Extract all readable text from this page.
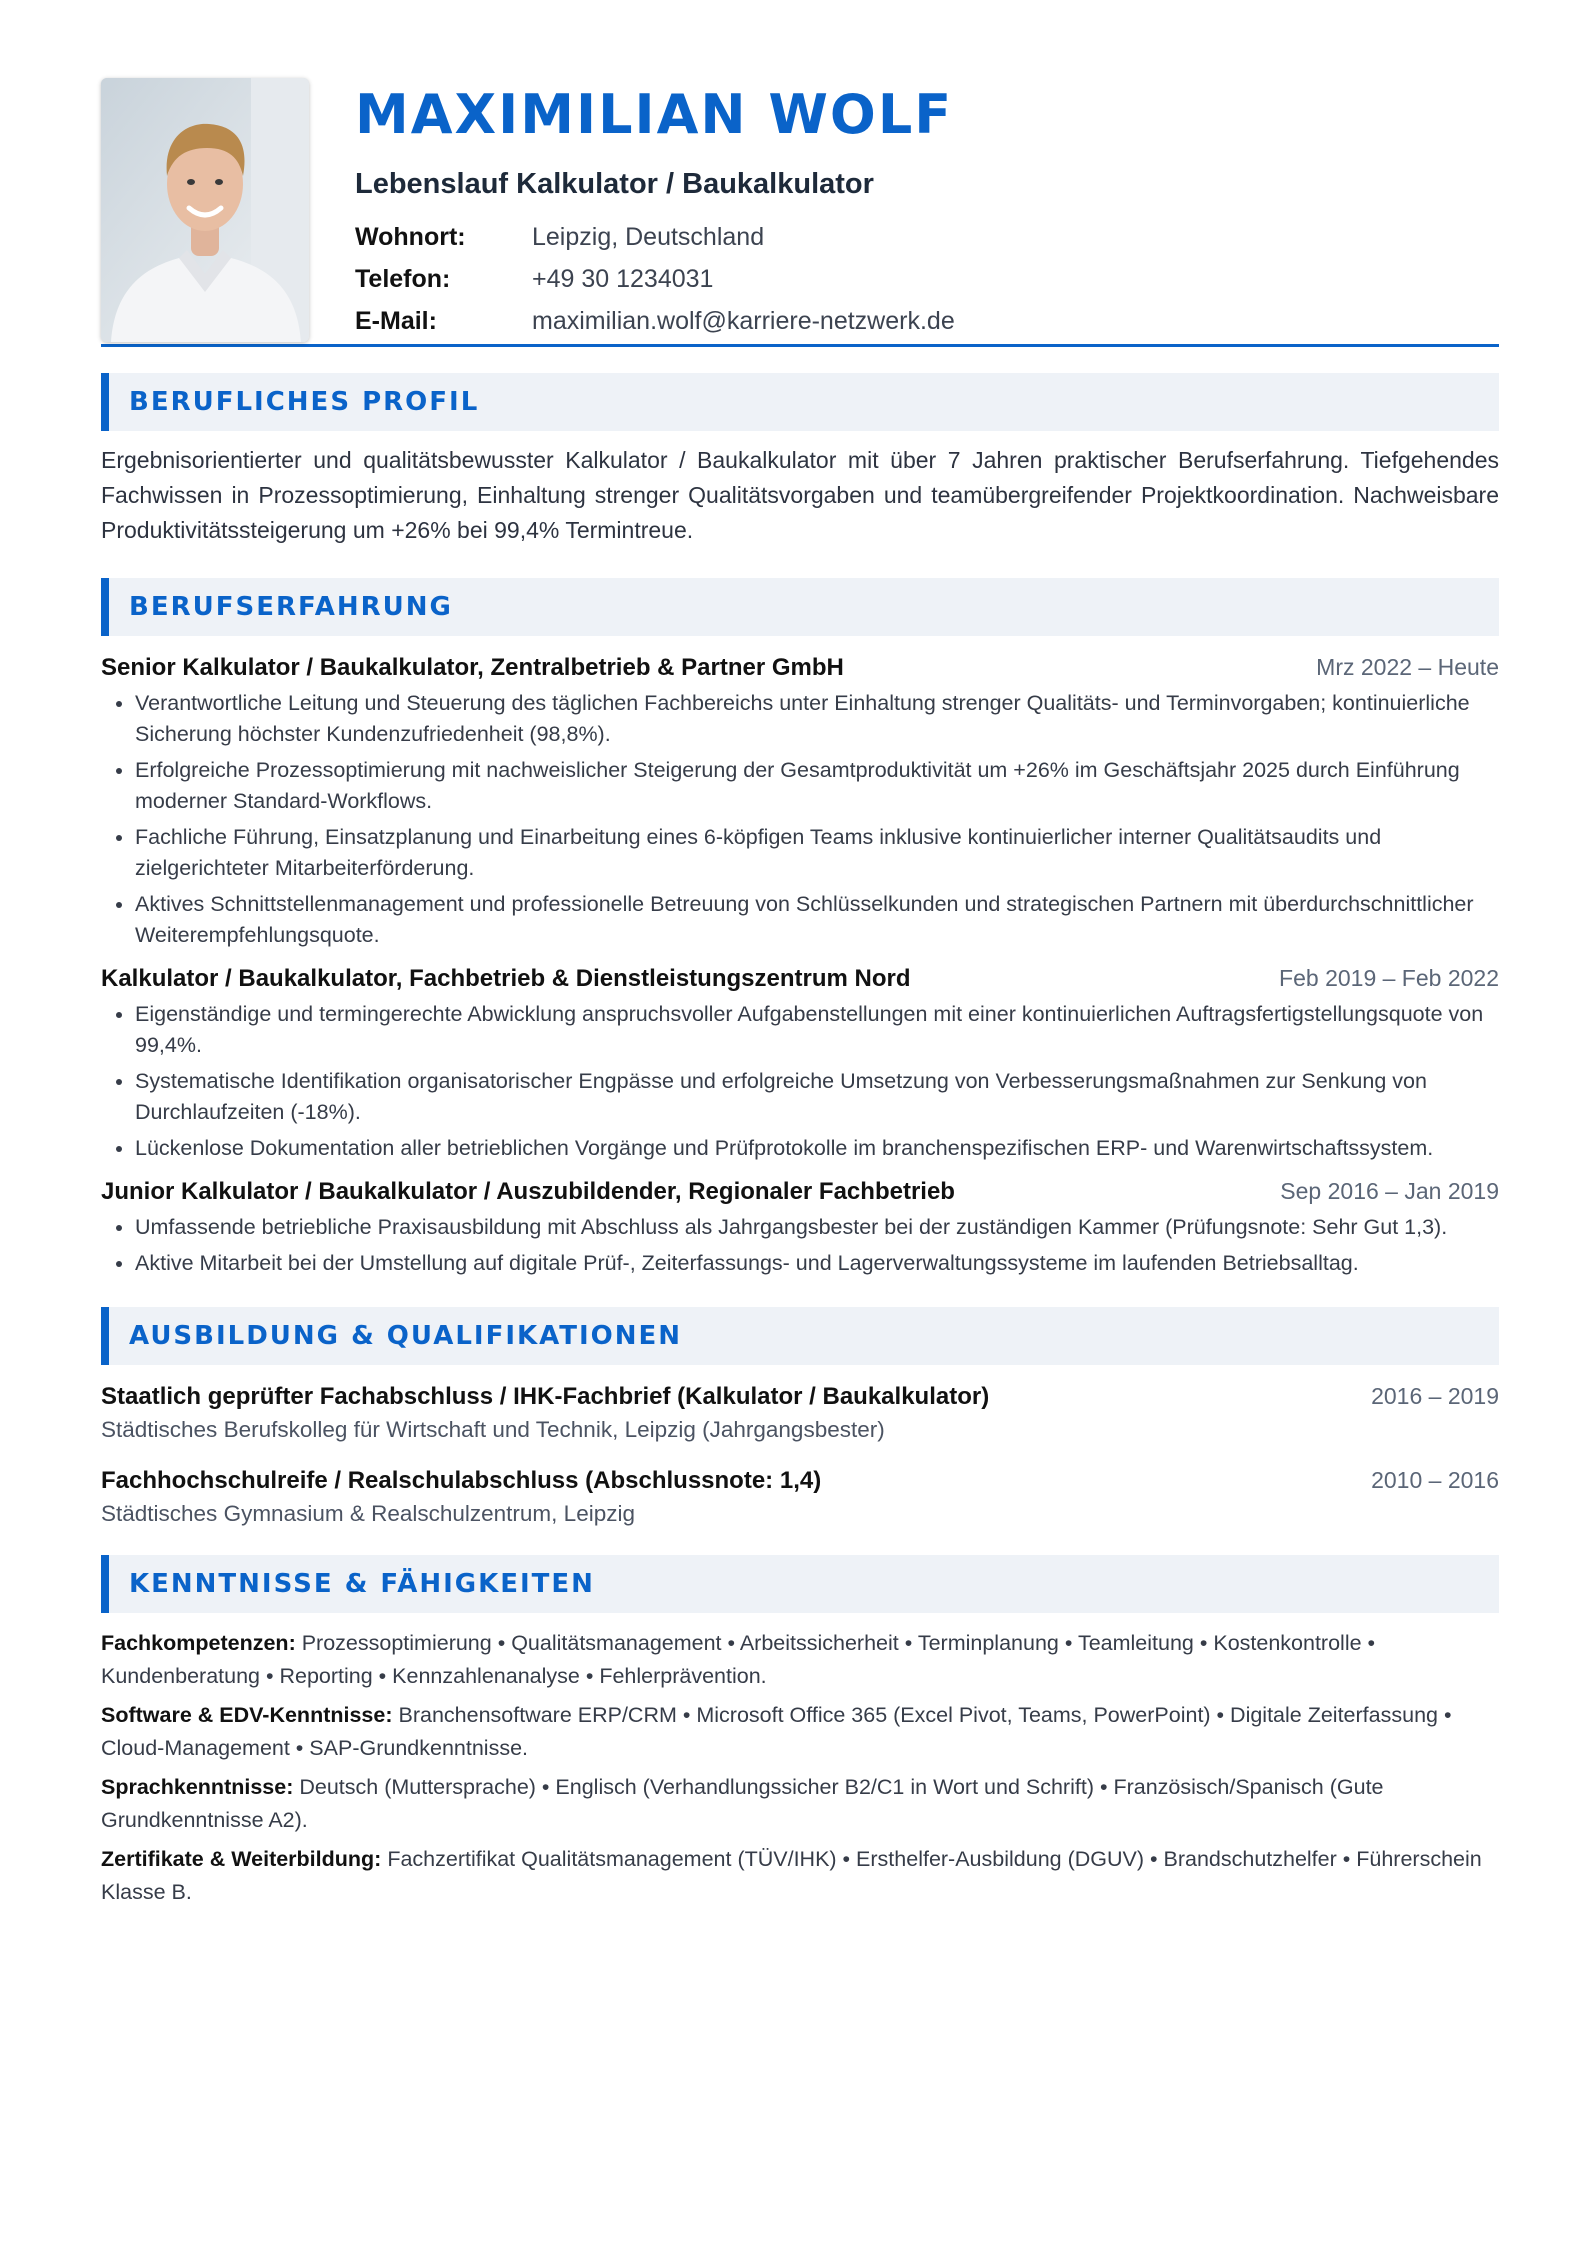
MAXIMILIAN WOLF
Lebenslauf Kalkulator / Baukalkulator
Wohnort:	Leipzig, Deutschland
Telefon:	+49 30 1234031
E-Mail:	maximilian.wolf@karriere-netzwerk.de
BERUFLICHES PROFIL

Ergebnisorientierter und qualitätsbewusster Kalkulator / Baukalkulator mit über 7 Jahren praktischer Berufserfahrung. Tiefgehendes Fachwissen in Prozessoptimierung, Einhaltung strenger Qualitätsvorgaben und teamübergreifender Projektkoordination. Nachweisbare Produktivitätssteigerung um +26% bei 99,4% Termintreue.

BERUFSERFAHRUNG
Senior Kalkulator / Baukalkulator, Zentralbetrieb & Partner GmbH	Mrz 2022 – Heute
• Verantwortliche Leitung und Steuerung des täglichen Fachbereichs unter Einhaltung strenger Qualitäts- und Terminvorgaben; kontinuierliche Sicherung höchster Kundenzufriedenheit (98,8%).
• Erfolgreiche Prozessoptimierung mit nachweislicher Steigerung der Gesamtproduktivität um +26% im Geschäftsjahr 2025 durch Einführung moderner Standard-Workflows.
• Fachliche Führung, Einsatzplanung und Einarbeitung eines 6-köpfigen Teams inklusive kontinuierlicher interner Qualitätsaudits und zielgerichteter Mitarbeiterförderung.
• Aktives Schnittstellenmanagement und professionelle Betreuung von Schlüsselkunden und strategischen Partnern mit überdurchschnittlicher Weiterempfehlungsquote.
Kalkulator / Baukalkulator, Fachbetrieb & Dienstleistungszentrum Nord	Feb 2019 – Feb 2022
• Eigenständige und termingerechte Abwicklung anspruchsvoller Aufgabenstellungen mit einer kontinuierlichen Auftragsfertigstellungsquote von 99,4%.
• Systematische Identifikation organisatorischer Engpässe und erfolgreiche Umsetzung von Verbesserungsmaßnahmen zur Senkung von Durchlaufzeiten (-18%).
• Lückenlose Dokumentation aller betrieblichen Vorgänge und Prüfprotokolle im branchenspezifischen ERP- und Warenwirtschaftssystem.
Junior Kalkulator / Baukalkulator / Auszubildender, Regionaler Fachbetrieb	Sep 2016 – Jan 2019
• Umfassende betriebliche Praxisausbildung mit Abschluss als Jahrgangsbester bei der zuständigen Kammer (Prüfungsnote: Sehr Gut 1,3).
• Aktive Mitarbeit bei der Umstellung auf digitale Prüf-, Zeiterfassungs- und Lagerverwaltungssysteme im laufenden Betriebsalltag.
AUSBILDUNG & QUALIFIKATIONEN
Staatlich geprüfter Fachabschluss / IHK-Fachbrief (Kalkulator / Baukalkulator)	2016 – 2019
Städtisches Berufskolleg für Wirtschaft und Technik, Leipzig (Jahrgangsbester)
Fachhochschulreife / Realschulabschluss (Abschlussnote: 1,4)	2010 – 2016
Städtisches Gymnasium & Realschulzentrum, Leipzig
KENNTNISSE & FÄHIGKEITEN
Fachkompetenzen: Prozessoptimierung • Qualitätsmanagement • Arbeitssicherheit • Terminplanung • Teamleitung • Kostenkontrolle • Kundenberatung • Reporting • Kennzahlenanalyse • Fehlerprävention.
Software & EDV-Kenntnisse: Branchensoftware ERP/CRM • Microsoft Office 365 (Excel Pivot, Teams, PowerPoint) • Digitale Zeiterfassung • Cloud-Management • SAP-Grundkenntnisse.
Sprachkenntnisse: Deutsch (Muttersprache) • Englisch (Verhandlungssicher B2/C1 in Wort und Schrift) • Französisch/Spanisch (Gute Grundkenntnisse A2).
Zertifikate & Weiterbildung: Fachzertifikat Qualitätsmanagement (TÜV/IHK) • Ersthelfer-Ausbildung (DGUV) • Brandschutzhelfer • Führerschein Klasse B.
